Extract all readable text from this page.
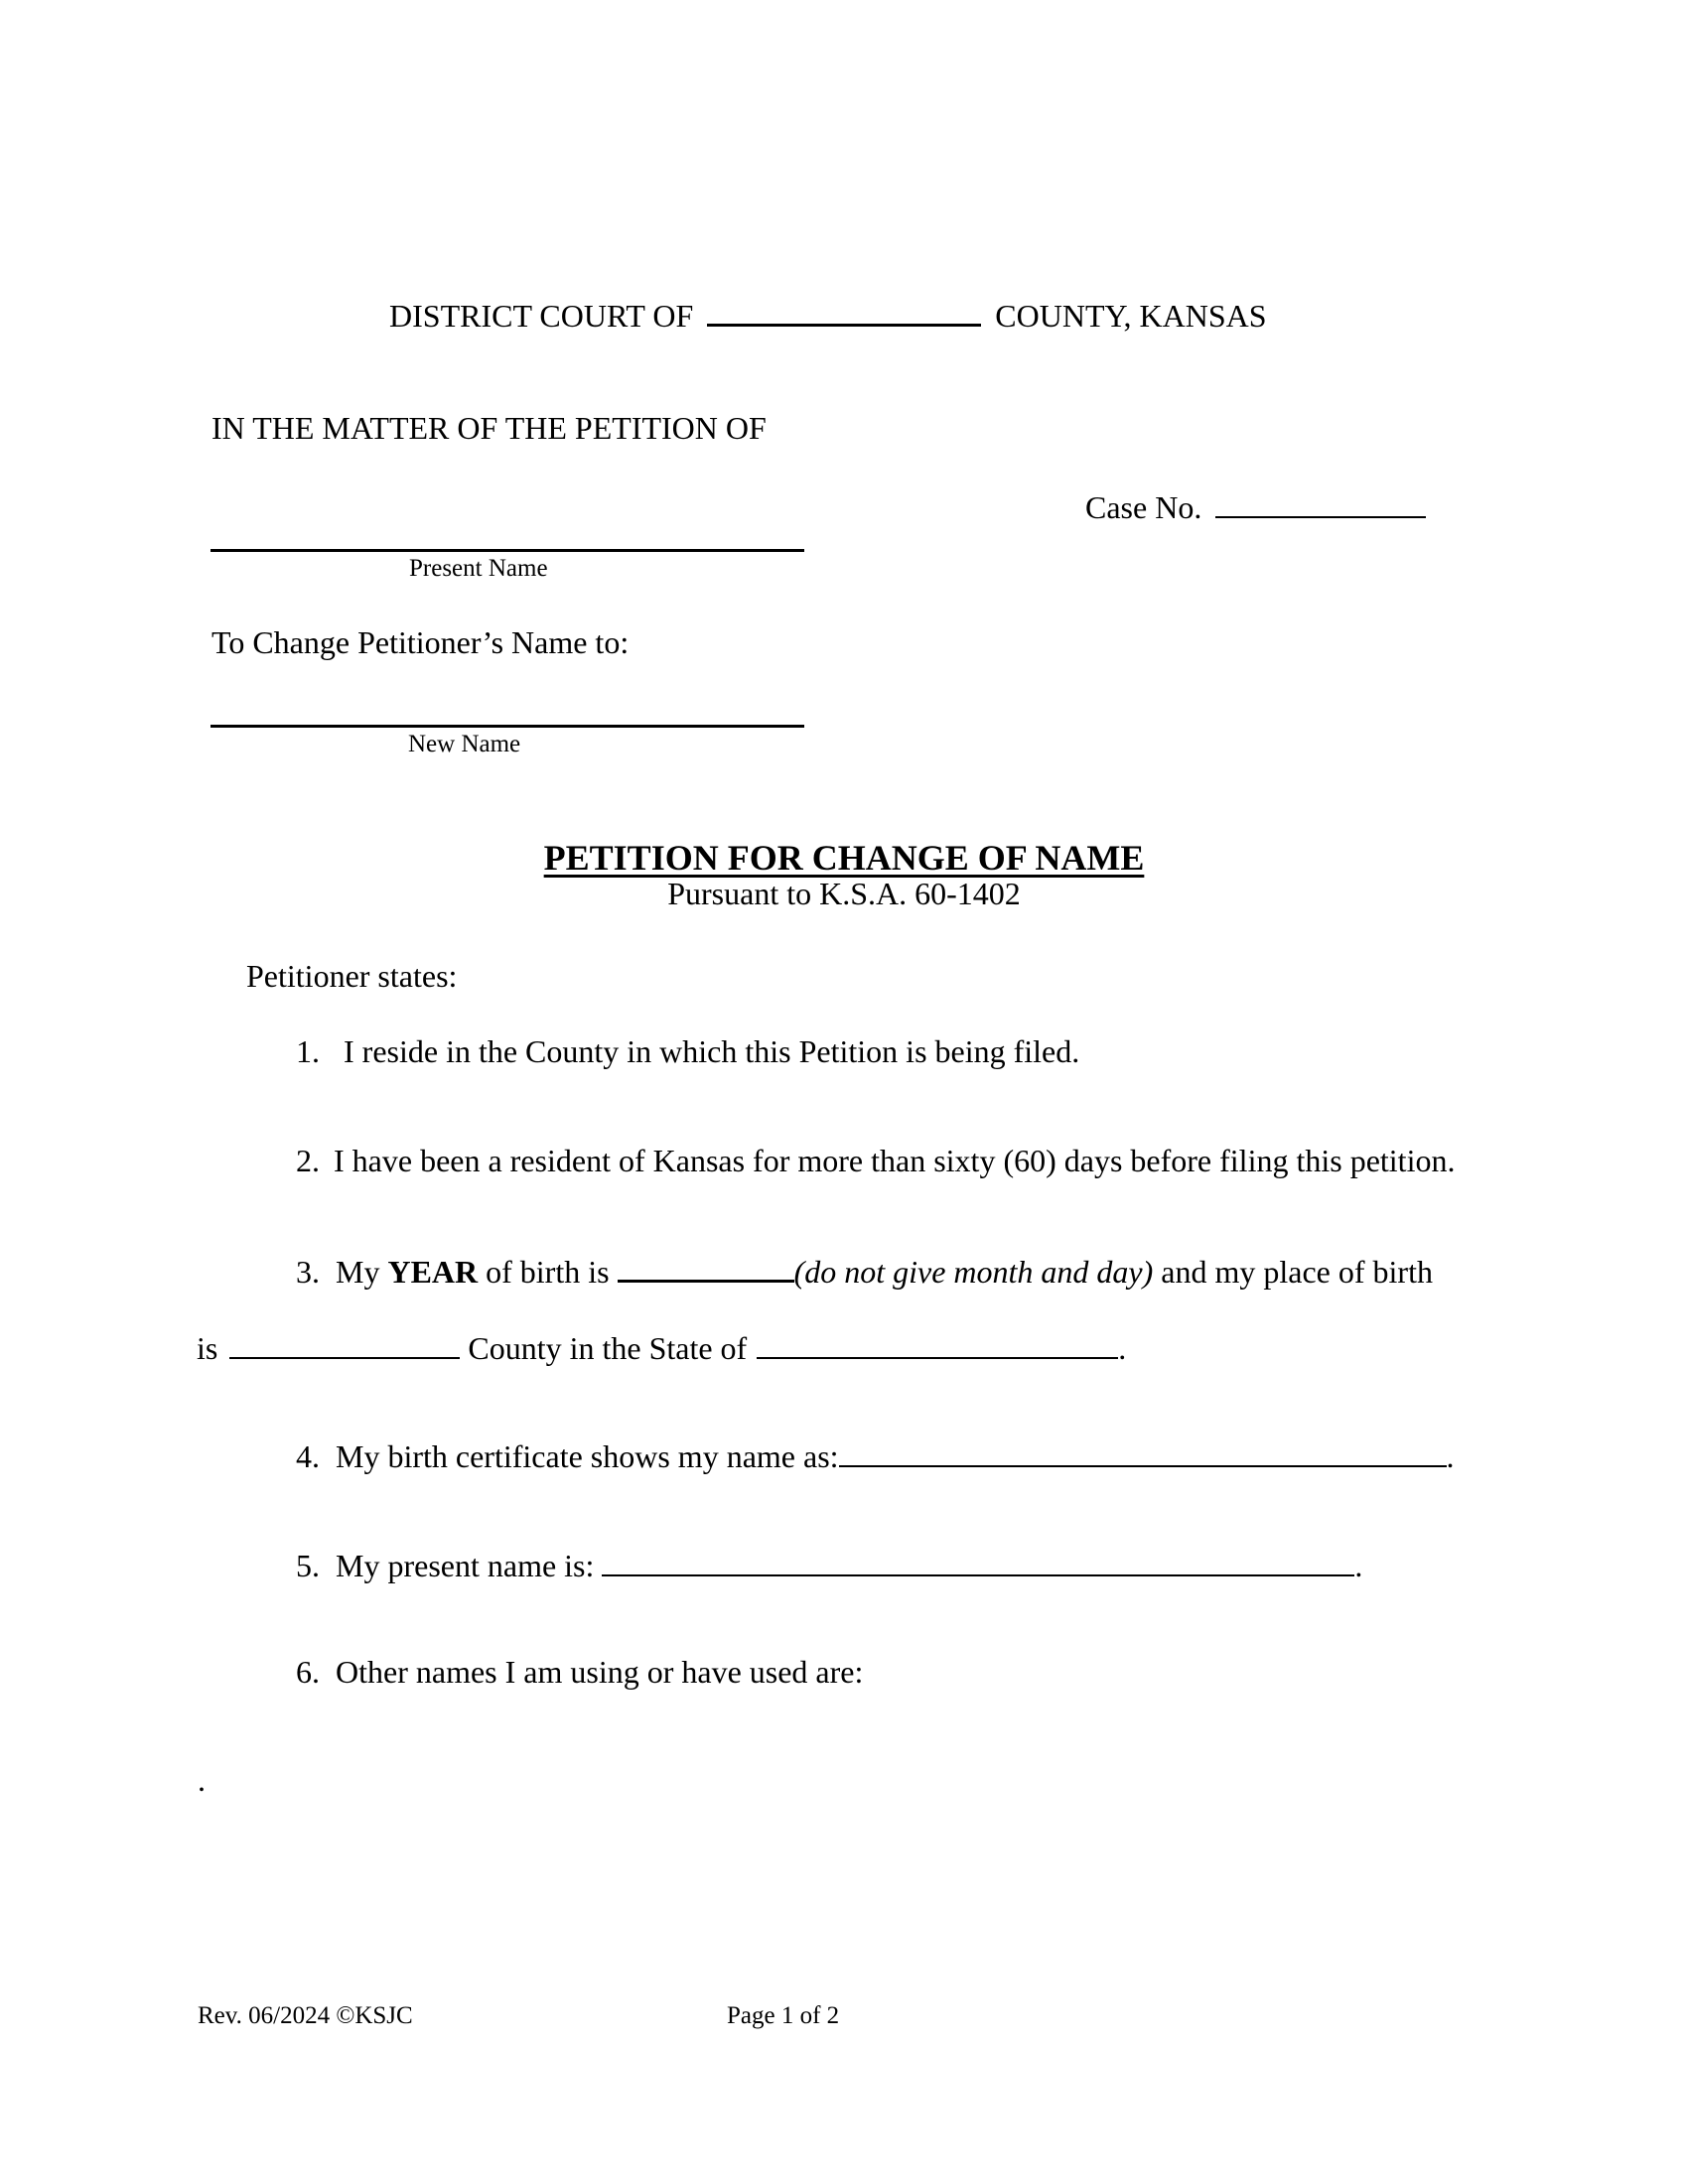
DISTRICT COURT OF	COUNTY, KANSAS
IN THE MATTER OF THE PETITION OF
Case No.
Present Name
To Change Petitioner’s Name to:
New Name
PETITION FOR CHANGE OF NAME
Pursuant to K.S.A. 60-1402
Petitioner states:
1. I reside in the County in which this Petition is being filed.
2. I have been a resident of Kansas for more than sixty (60) days before filing this petition.
3. My YEAR of birth is	(do not give month and day) and my place of birth
is	County in the State of	.
4. My birth certificate shows my name as:	.
5. My present name is:	.
6. Other names I am using or have used are:
.
Rev. 06/2024 ©KSJC	Page 1 of 2
